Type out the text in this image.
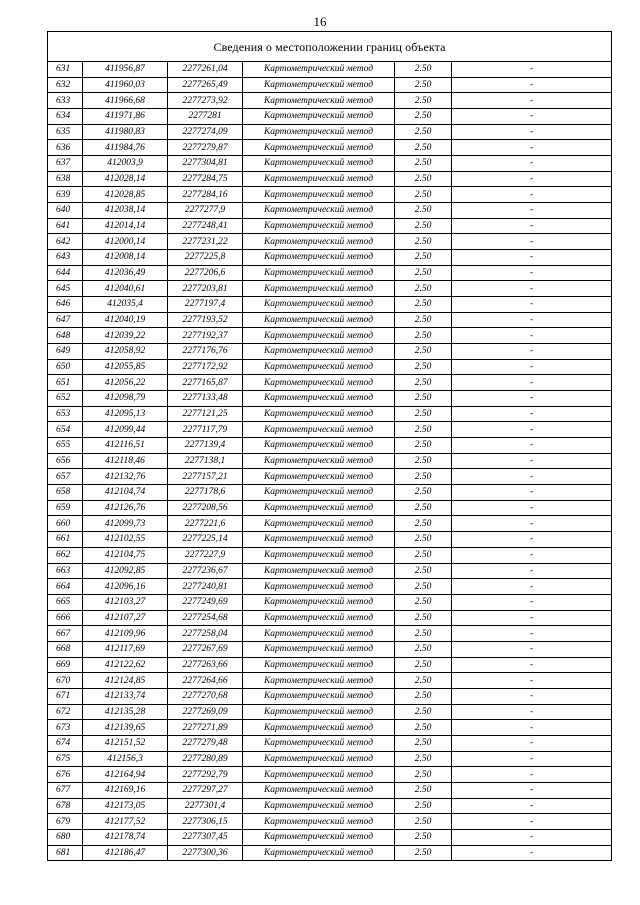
16
Сведения о местоположении границ объекта					
631	411956,87	2277261,04	Картометрический метод	2.50	-
632	411960,03	2277265,49	Картометрический метод	2.50	-
633	411966,68	2277273,92	Картометрический метод	2.50	-
634	411971,86	2277281	Картометрический метод	2.50	-
635	411980,83	2277274,09	Картометрический метод	2.50	-
636	411984,76	2277279,87	Картометрический метод	2.50	-
637	412003,9	2277304,81	Картометрический метод	2.50	-
638	412028,14	2277284,75	Картометрический метод	2.50	-
639	412028,85	2277284,16	Картометрический метод	2.50	-
640	412038,14	2277277,9	Картометрический метод	2.50	-
641	412014,14	2277248,41	Картометрический метод	2.50	-
642	412000,14	2277231,22	Картометрический метод	2.50	-
643	412008,14	2277225,8	Картометрический метод	2.50	-
644	412036,49	2277206,6	Картометрический метод	2.50	-
645	412040,61	2277203,81	Картометрический метод	2.50	-
646	412035,4	2277197,4	Картометрический метод	2.50	-
647	412040,19	2277193,52	Картометрический метод	2.50	-
648	412039,22	2277192,37	Картометрический метод	2.50	-
649	412058,92	2277176,76	Картометрический метод	2.50	-
650	412055,85	2277172,92	Картометрический метод	2.50	-
651	412056,22	2277165,87	Картометрический метод	2.50	-
652	412098,79	2277133,48	Картометрический метод	2.50	-
653	412095,13	2277121,25	Картометрический метод	2.50	-
654	412099,44	2277117,79	Картометрический метод	2.50	-
655	412116,51	2277139,4	Картометрический метод	2.50	-
656	412118,46	2277138,1	Картометрический метод	2.50	-
657	412132,76	2277157,21	Картометрический метод	2.50	-
658	412104,74	2277178,6	Картометрический метод	2.50	-
659	412126,76	2277208,56	Картометрический метод	2.50	-
660	412099,73	2277221,6	Картометрический метод	2.50	-
661	412102,55	2277225,14	Картометрический метод	2.50	-
662	412104,75	2277227,9	Картометрический метод	2.50	-
663	412092,85	2277236,67	Картометрический метод	2.50	-
664	412096,16	2277240,81	Картометрический метод	2.50	-
665	412103,27	2277249,69	Картометрический метод	2.50	-
666	412107,27	2277254,68	Картометрический метод	2.50	-
667	412109,96	2277258,04	Картометрический метод	2.50	-
668	412117,69	2277267,69	Картометрический метод	2.50	-
669	412122,62	2277263,66	Картометрический метод	2.50	-
670	412124,85	2277264,66	Картометрический метод	2.50	-
671	412133,74	2277270,68	Картометрический метод	2.50	-
672	412135,28	2277269,09	Картометрический метод	2.50	-
673	412139,65	2277271,89	Картометрический метод	2.50	-
674	412151,52	2277279,48	Картометрический метод	2.50	-
675	412156,3	2277280,89	Картометрический метод	2.50	-
676	412164,94	2277292,79	Картометрический метод	2.50	-
677	412169,16	2277297,27	Картометрический метод	2.50	-
678	412173,05	2277301,4	Картометрический метод	2.50	-
679	412177,52	2277306,15	Картометрический метод	2.50	-
680	412178,74	2277307,45	Картометрический метод	2.50	-
681	412186,47	2277300,36	Картометрический метод	2.50	-
